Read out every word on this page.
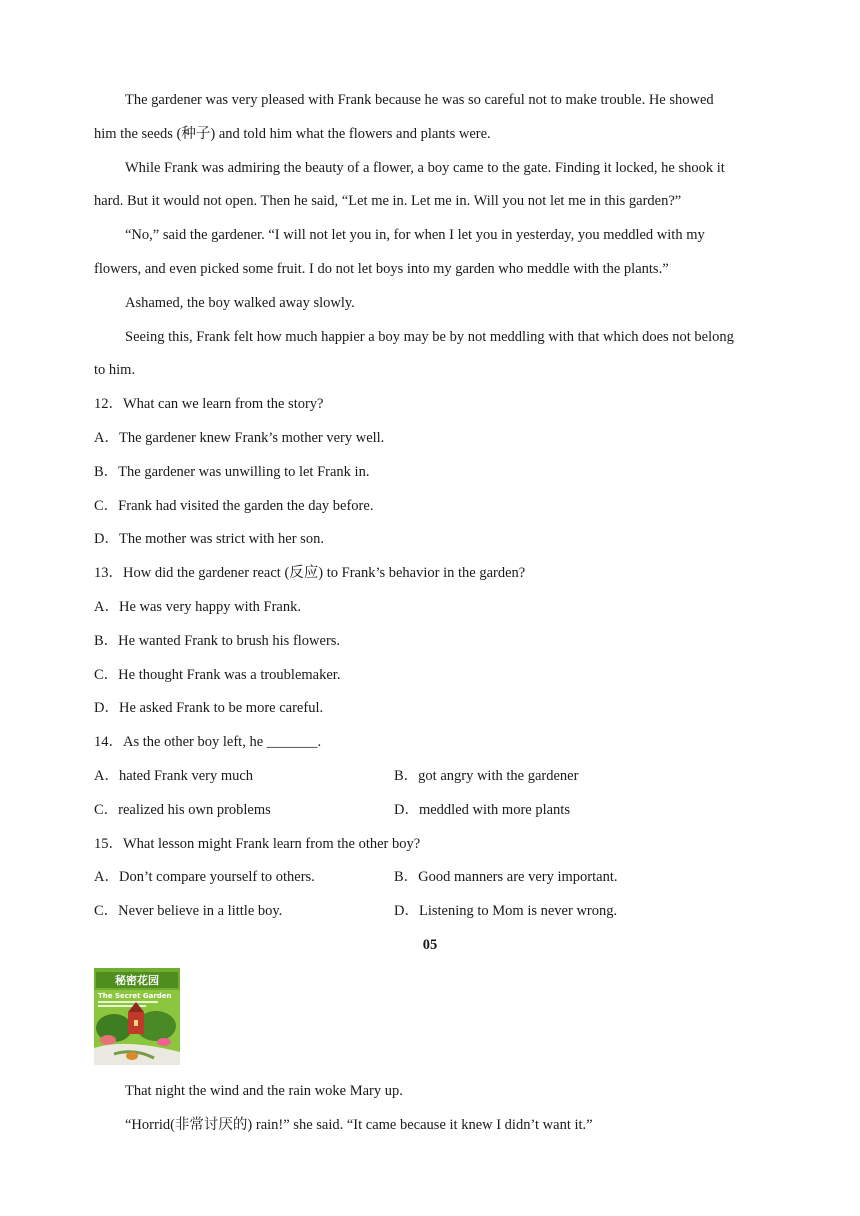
The gardener was very pleased with Frank because he was so careful not to make trouble. He showed
him the seeds (种子) and told him what the flowers and plants were.
While Frank was admiring the beauty of a flower, a boy came to the gate. Finding it locked, he shook it
hard. But it would not open. Then he said, “Let me in. Let me in. Will you not let me in this garden?”
“No,” said the gardener. “I will not let you in, for when I let you in yesterday, you meddled with my
flowers, and even picked some fruit. I do not let boys into my garden who meddle with the plants.”
Ashamed, the boy walked away slowly.
Seeing this, Frank felt how much happier a boy may be by not meddling with that which does not belong
to him.
12．What can we learn from the story?
A．The gardener knew Frank’s mother very well.
B．The gardener was unwilling to let Frank in.
C．Frank had visited the garden the day before.
D．The mother was strict with her son.
13．How did the gardener react (反应) to Frank’s behavior in the garden?
A．He was very happy with Frank.
B．He wanted Frank to brush his flowers.
C．He thought Frank was a troublemaker.
D．He asked Frank to be more careful.
14．As the other boy left, he _______.
A．hated Frank very much	B．got angry with the gardener
C．realized his own problems	D．meddled with more plants
15．What lesson might Frank learn from the other boy?
A．Don’t compare yourself to others.	B．Good manners are very important.
C．Never believe in a little boy.	D．Listening to Mom is never wrong.
05
秘密花园
The Secret Garden
That night the wind and the rain woke Mary up.
“Horrid(非常讨厌的) rain!” she said. “It came because it knew I didn’t want it.”
